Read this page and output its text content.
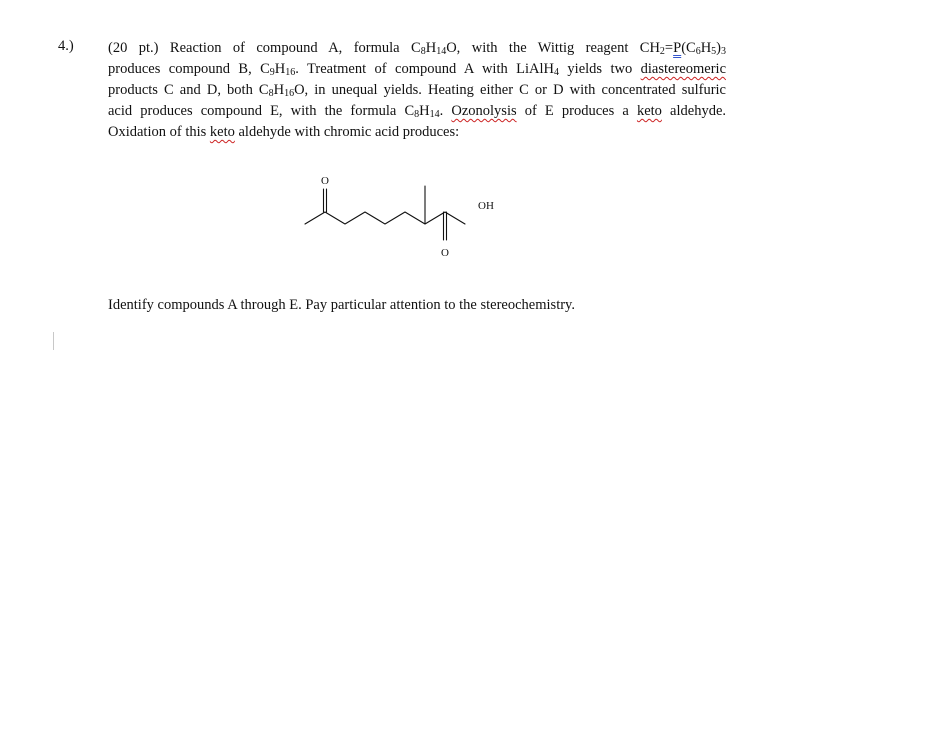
4.) (20 pt.) Reaction of compound A, formula $C_8H_{14}O$, with the Wittig reagent $CH_2=P(C_6H_5)_3$
produces compound B, $C_9H_{16}$. Treatment of compound A with LiAlH$_4$ yields two diastereomeric
products C and D, both $C_8H_{16}O$, in unequal yields. Heating either C or D with concentrated sulfuric
acid produces compound E, with the formula $C_8H_{14}$. Ozonolysis of E produces a keto aldehyde.
Oxidation of this keto aldehyde with chromic acid produces:
O
O
OH
Identify compounds A through E. Pay particular attention to the stereochemistry.
